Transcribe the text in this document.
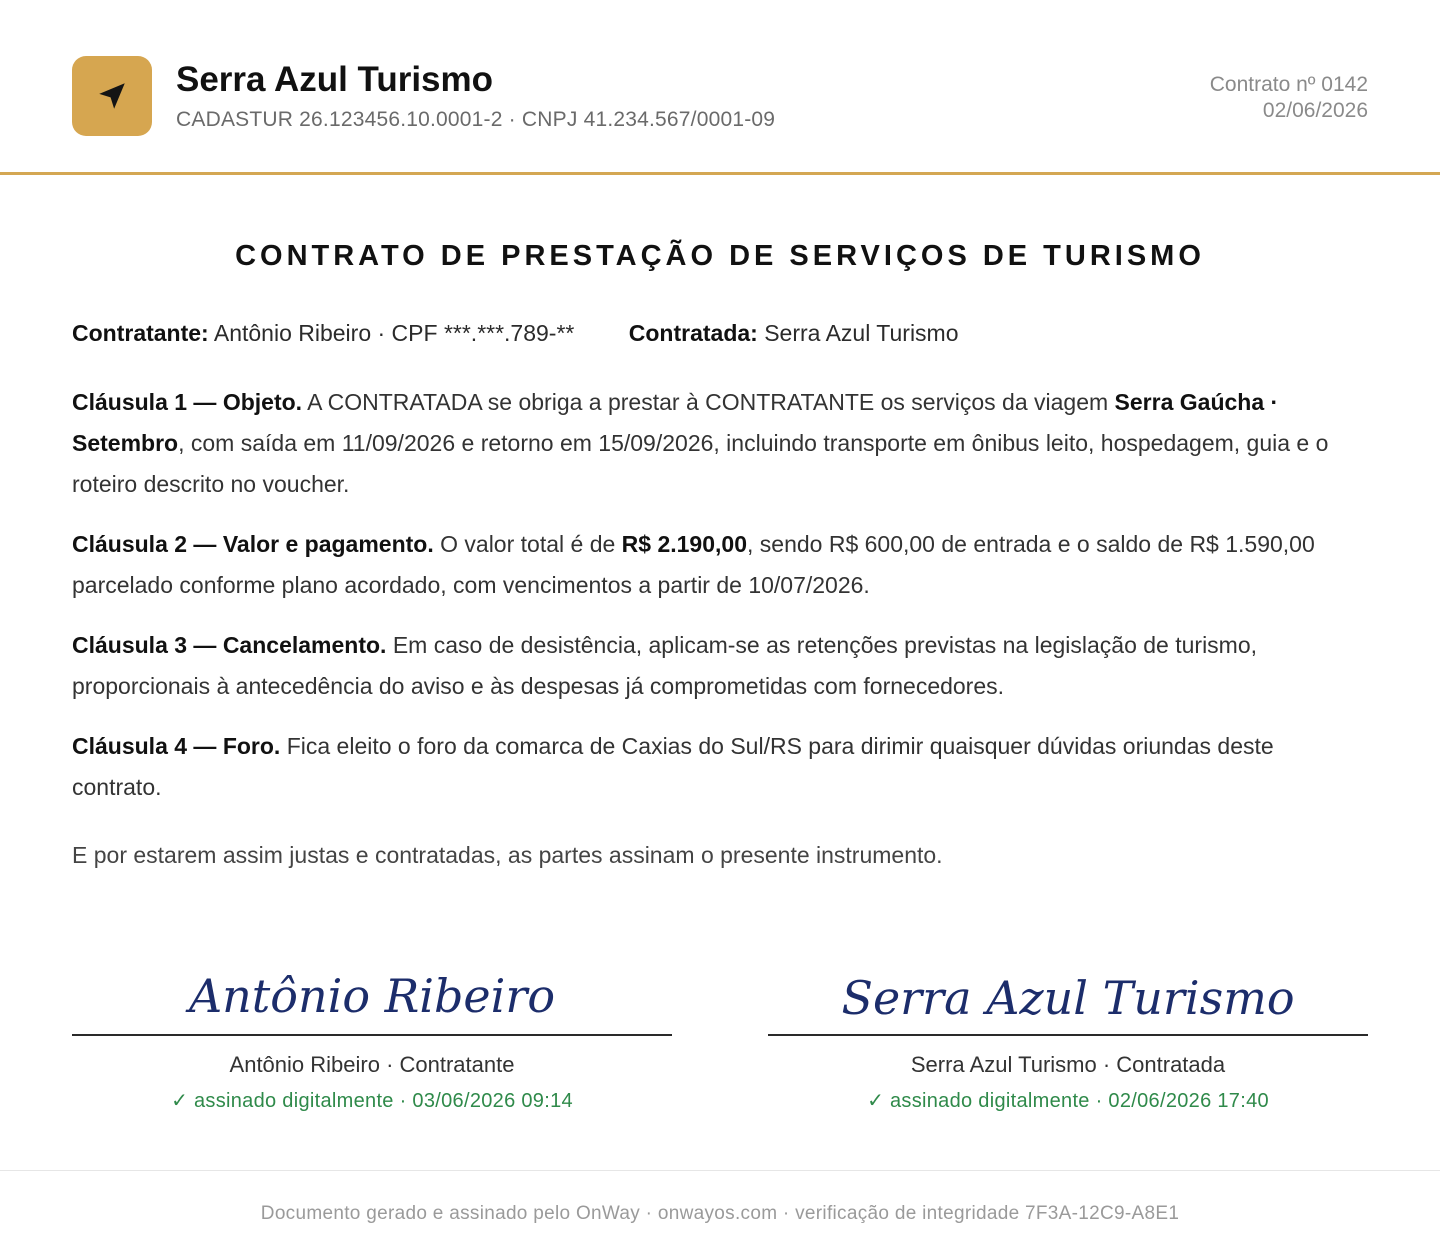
Serra Azul Turismo
CADASTUR 26.123456.10.0001-2 · CNPJ 41.234.567/0001-09
Contrato nº 0142
02/06/2026
CONTRATO DE PRESTAÇÃO DE SERVIÇOS DE TURISMO
Contratante: Antônio Ribeiro · CPF ***.***.789-** Contratada: Serra Azul Turismo

Cláusula 1 — Objeto. A CONTRATADA se obriga a prestar à CONTRATANTE os serviços da viagem Serra Gaúcha · Setembro, com saída em 11/09/2026 e retorno em 15/09/2026, incluindo transporte em ônibus leito, hospedagem, guia e o roteiro descrito no voucher.

Cláusula 2 — Valor e pagamento. O valor total é de R$ 2.190,00, sendo R$ 600,00 de entrada e o saldo de R$ 1.590,00 parcelado conforme plano acordado, com vencimentos a partir de 10/07/2026.

Cláusula 3 — Cancelamento. Em caso de desistência, aplicam-se as retenções previstas na legislação de turismo, proporcionais à antecedência do aviso e às despesas já comprometidas com fornecedores.

Cláusula 4 — Foro. Fica eleito o foro da comarca de Caxias do Sul/RS para dirimir quaisquer dúvidas oriundas deste contrato.

E por estarem assim justas e contratadas, as partes assinam o presente instrumento.
Antônio Ribeiro
Antônio Ribeiro · Contratante
✓ assinado digitalmente · 03/06/2026 09:14
Serra Azul Turismo
Serra Azul Turismo · Contratada
✓ assinado digitalmente · 02/06/2026 17:40
Documento gerado e assinado pelo OnWay · onwayos.com · verificação de integridade 7F3A-12C9-A8E1
